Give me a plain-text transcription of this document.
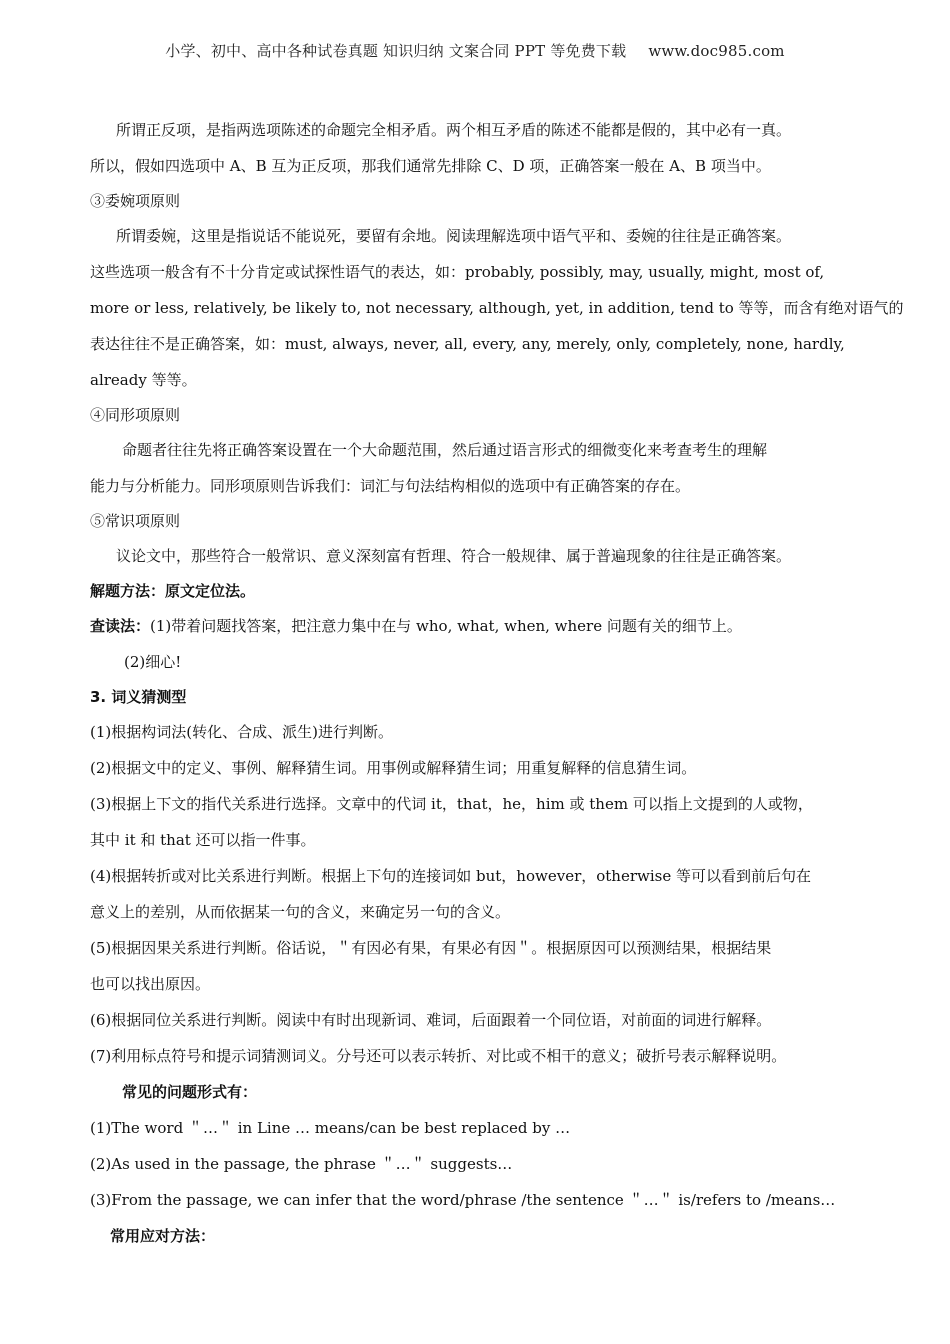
小学、初中、高中各种试卷真题 知识归纳 文案合同 PPT 等免费下载 www.doc985.com

所谓正反项，是指两选项陈述的命题完全相矛盾。两个相互矛盾的陈述不能都是假的，其中必有一真。

所以，假如四选项中 A、B 互为正反项，那我们通常先排除 C、D 项，正确答案一般在 A、B 项当中。

③委婉项原则

所谓委婉，这里是指说话不能说死，要留有余地。阅读理解选项中语气平和、委婉的往往是正确答案。

这些选项一般含有不十分肯定或试探性语气的表达，如：probably, possibly, may, usually, might, most of,

more or less, relatively, be likely to, not necessary, although, yet, in addition, tend to 等等，而含有绝对语气的

表达往往不是正确答案，如：must, always, never, all, every, any, merely, only, completely, none, hardly,

already 等等。

④同形项原则

命题者往往先将正确答案设置在一个大命题范围，然后通过语言形式的细微变化来考查考生的理解

能力与分析能力。同形项原则告诉我们：词汇与句法结构相似的选项中有正确答案的存在。

⑤常识项原则

议论文中，那些符合一般常识、意义深刻富有哲理、符合一般规律、属于普遍现象的往往是正确答案。

解题方法：原文定位法。

查读法：(1)带着问题找答案，把注意力集中在与 who, what, when, where 问题有关的细节上。

(2)细心!

3. 词义猜测型

(1)根据构词法(转化、合成、派生)进行判断。

(2)根据文中的定义、事例、解释猜生词。用事例或解释猜生词；用重复解释的信息猜生词。

(3)根据上下文的指代关系进行选择。文章中的代词 it，that，he，him 或 them 可以指上文提到的人或物，

其中 it 和 that 还可以指一件事。

(4)根据转折或对比关系进行判断。根据上下句的连接词如 but，however，otherwise 等可以看到前后句在

意义上的差别，从而依据某一句的含义，来确定另一句的含义。

(5)根据因果关系进行判断。俗话说，＂有因必有果，有果必有因＂。根据原因可以预测结果，根据结果

也可以找出原因。

(6)根据同位关系进行判断。阅读中有时出现新词、难词，后面跟着一个同位语，对前面的词进行解释。

(7)利用标点符号和提示词猜测词义。分号还可以表示转折、对比或不相干的意义；破折号表示解释说明。

常见的问题形式有：

(1)The word ＂…＂ in Line … means/can be best replaced by …

(2)As used in the passage, the phrase ＂…＂ suggests…

(3)From the passage, we can infer that the word/phrase /the sentence ＂…＂ is/refers to /means…

常用应对方法：
